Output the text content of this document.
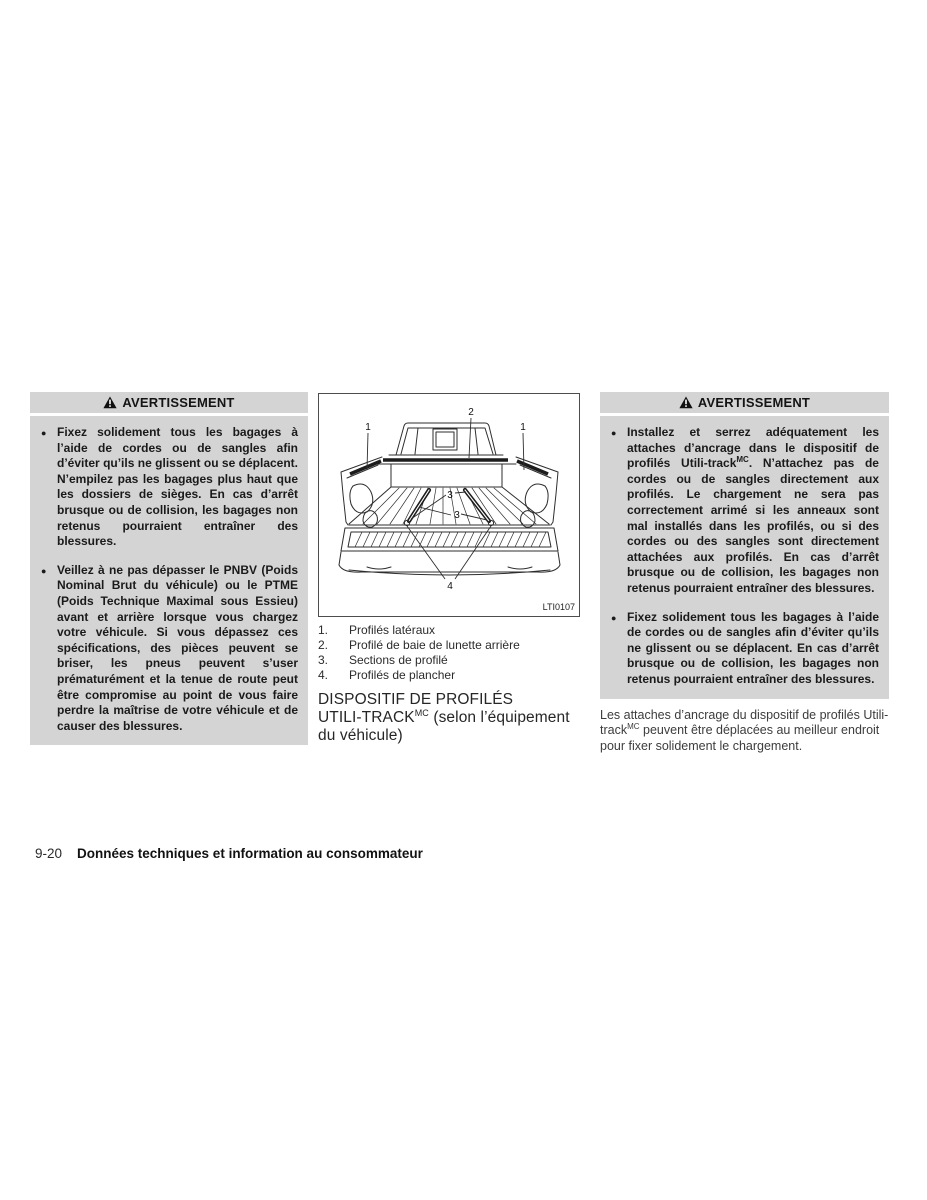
AVERTISSEMENT
●
Fixez solidement tous les bagages à l’aide de cordes ou de sangles afin d’éviter qu’ils ne glissent ou se déplacent. N’empilez pas les bagages plus haut que les dossiers de sièges. En cas d’arrêt brusque ou de collision, les bagages non retenus pourraient entraîner des blessures.
●
Veillez à ne pas dépasser le PNBV (Poids Nominal Brut du véhicule) ou le PTME (Poids Technique Maximal sous Essieu) avant et arrière lorsque vous chargez votre véhicule. Si vous dépassez ces spécifications, des pièces peuvent se briser, les pneus peuvent s’user prématurément et la tenue de route peut être compromise au point de vous faire perdre la maîtrise de votre véhicule et de causer des blessures.
1
2
1
3
3
4
LTI0107
1.	Profilés latéraux
2.	Profilé de baie de lunette arrière
3.	Sections de profilé
4.	Profilés de plancher
DISPOSITIF DE PROFILÉS
UTILI-$TRACK^{MC}$ (selon l’équipement du véhicule)
AVERTISSEMENT
●
Installez et serrez adéquatement les attaches d’ancrage dans le dispositif de profilés Utili-track$^{MC}$. N’attachez pas de cordes ou de sangles directement aux profilés. Le chargement ne sera pas correctement arrimé si les anneaux sont mal installés dans les profilés, ou si des cordes ou des sangles sont directement attachées aux profilés. En cas d’arrêt brusque ou de collision, les bagages non retenus pourraient entraîner des blessures.
●
Fixez solidement tous les bagages à l’aide de cordes ou de sangles afin d’éviter qu’ils ne glissent ou se déplacent. En cas d’arrêt brusque ou de collision, les bagages non retenus pourraient entraîner des blessures.

Les attaches d’ancrage du dispositif de profilés Utili-track$^{MC}$ peuvent être déplacées au meilleur endroit pour fixer solidement le chargement.

9-20 Données techniques et information au consommateur
